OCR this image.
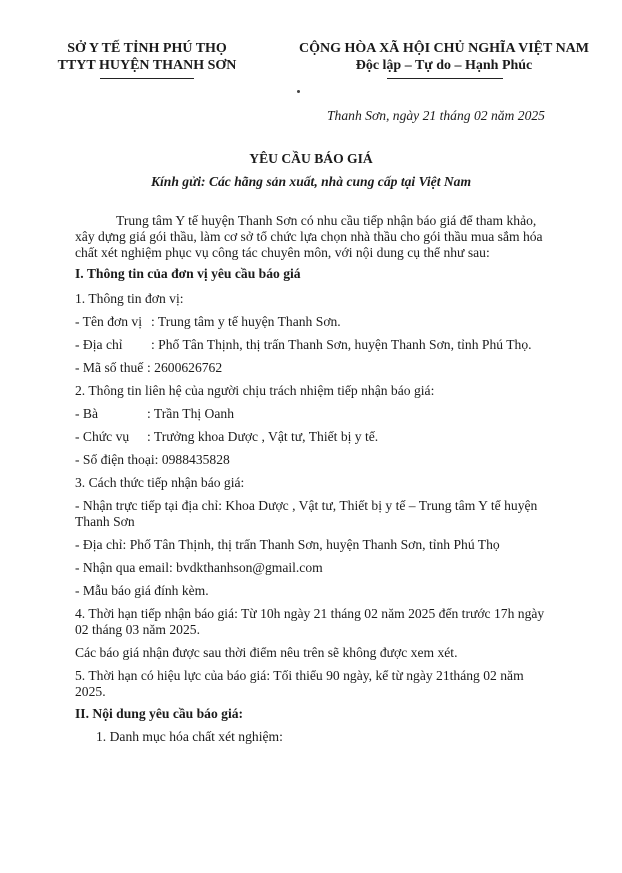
SỞ Y TẾ TỈNH PHÚ THỌ
TTYT HUYỆN THANH SƠN
CỘNG HÒA XÃ HỘI CHỦ NGHĨA VIỆT NAM
Độc lập – Tự do – Hạnh Phúc
Thanh Sơn, ngày 21 tháng 02 năm 2025
YÊU CẦU BÁO GIÁ
Kính gửi: Các hãng sản xuất, nhà cung cấp tại Việt Nam
Trung tâm Y tế huyện Thanh Sơn có nhu cầu tiếp nhận báo giá để tham khảo,
xây dựng giá gói thầu, làm cơ sở tổ chức lựa chọn nhà thầu cho gói thầu mua sắm hóa
chất xét nghiệm phục vụ công tác chuyên môn, với nội dung cụ thể như sau:
I. Thông tin của đơn vị yêu cầu báo giá
1. Thông tin đơn vị:
- Tên đơn vị : Trung tâm y tế huyện Thanh Sơn.
- Địa chỉ : Phố Tân Thịnh, thị trấn Thanh Sơn, huyện Thanh Sơn, tỉnh Phú Thọ.
- Mã số thuế : 2600626762
2. Thông tin liên hệ của người chịu trách nhiệm tiếp nhận báo giá:
- Bà	: Trần Thị Oanh
- Chức vụ : Trưởng khoa Dược , Vật tư, Thiết bị y tế.
- Số điện thoại: 0988435828
3. Cách thức tiếp nhận báo giá:
- Nhận trực tiếp tại địa chỉ: Khoa Dược , Vật tư, Thiết bị y tế – Trung tâm Y tế huyện
Thanh Sơn
- Địa chỉ: Phố Tân Thịnh, thị trấn Thanh Sơn, huyện Thanh Sơn, tỉnh Phú Thọ
- Nhận qua email: bvdkthanhson@gmail.com
- Mẫu báo giá đính kèm.
4. Thời hạn tiếp nhận báo giá: Từ 10h ngày 21 tháng 02 năm 2025 đến trước 17h ngày
02 tháng 03 năm 2025.
Các báo giá nhận được sau thời điểm nêu trên sẽ không được xem xét.
5. Thời hạn có hiệu lực của báo giá: Tối thiểu 90 ngày, kể từ ngày 21tháng 02 năm
2025.
II. Nội dung yêu cầu báo giá:
1. Danh mục hóa chất xét nghiệm:
